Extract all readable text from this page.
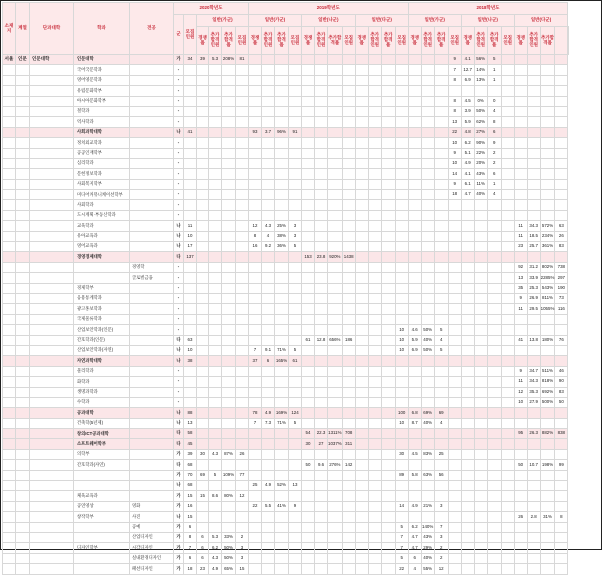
소재지	계열	단과대학	학과	전공	2020학년도						2019학년도												2018학년도												
					군	모집인원	일반(가군)				일반(가군)				일반(나군)				일반(다군)				일반(가군)				일반(나군)				일반(다군)				
							경쟁률	추가합격인원	추가합격률	모집인원	경쟁률	추가합격인원	추가합격률	모집인원	경쟁률	추가합격인원	추가합격률	모집인원	경쟁률	추가합격인원	추가합격률	모집인원	경쟁률	추가합격인원	추가합격률	모집인원	경쟁률	추가합격인원	추가합격률	모집인원	경쟁률	추가합격인원	추가합격률		
서울	인문	인문대학	인문대학		가	34	39	5.3	208%	81																9	4.1	56%	5						
			국어국문학과		-																					7	12.7	14%	1						
			영어영문학과		-																					8	6.9	13%	1						
			유럽문화학부		-																														
			아시아문화학부		-																					8	4.5	0%	0						
			철학과		-																					8	3.9	50%	4						
			역사학과		-																					13	5.9	62%	8						
			사회과학대학		나	41					93	3.7	96%	91												22	4.8	27%	6						
			정치외교학과		-																					10	6.2	90%	9						
			공공인재학부		-																					9	5.1	22%	2						
			심리학과		-																					10	4.9	20%	2						
			문헌정보학과		-																					14	4.1	43%	6						
			사회복지학부		-																					9	6.1	11%	1						
			미디어커뮤니케이션학부		-																					18	4.7	40%	4						
			사회학과		-																														
			도시계획·부동산학과		-																														
			교육학과		나	11					12	4.3	25%	3																	11	34.3	572%	63	
			유아교육과		나	10					8	4	38%	3																	11	18.5	234%	26	
			영어교육과		나	17					16	9.2	36%	5																	23	25.7	361%	83	
			경영경제대학		다	137									153	23.8	920%	1438																	
				경영학	-																										92	31.2	802%	738	
				글로벌금융	-																										13	33.9	2285%	297	
			경제학부		-																										35	25.3	543%	190	
			응용통계학과		-																										9	26.9	811%	73	
			광고홍보학과		-																										11	29.5	1055%	116	
			국제물류학과		-																														
			산업보안학과(인문)		-																	10	4.6	50%	5										
			간호학과(인문)		다	63									61	12.8	656%	186				10	5.9	40%	4						41	13.8	180%	76	
			산업보안학과(자연)		나	10					7	9.1	71%	5								10	6.9	50%	5										
			자연과학대학		나	38					37	6	165%	61																					
			물리학과		-																										9	34.7	511%	46	
			화학과		-																										11	34.3	818%	90	
			생명과학과		-																										12	35.3	692%	83	
			수학과		-																										10	27.9	500%	50	
			공과대학		나	88					78	4.9	169%	124								100	6.8	69%	69										
			건축학(5년제)		나	13					7	7.3	71%	5								10	8.7	40%	4										
			창의ICT공과대학		다	58									54	22.3	1311%	708													95	26.3	882%	838	
			소프트웨어학부		다	45									30	27	1037%	311																	
			의학부		가	39	30	4.3	87%	26												30	4.5	83%	25										
			간호학과(자연)		다	68									50	9.6	276%	142													50	10.7	198%	99	
					가	70	69	5	109%	77												89	5.8	63%	56										
					나	68					25	4.9	52%	13																					
			체육교육과		가	15	15	8.6	80%	12																									
			공연영상	영화	가	16					22	5.5	41%	9								14	4.9	21%	3										
			창작학부	사진	나	15																									26	2.8	31%	8	
				공예	가	6																5	6.2	140%	7										
				산업디자인	가	8	6	5.3	33%	2												7	4.7	43%	3										
			디자인학부	시각디자인	가	7	6	6.2	50%	3												7	4.7	29%	2										
				실내환경디자인	가	6	6	4.3	50%	3												5	6	40%	2										
				패션디자인	가	18	23	4.9	65%	15												22	4	55%	12										
